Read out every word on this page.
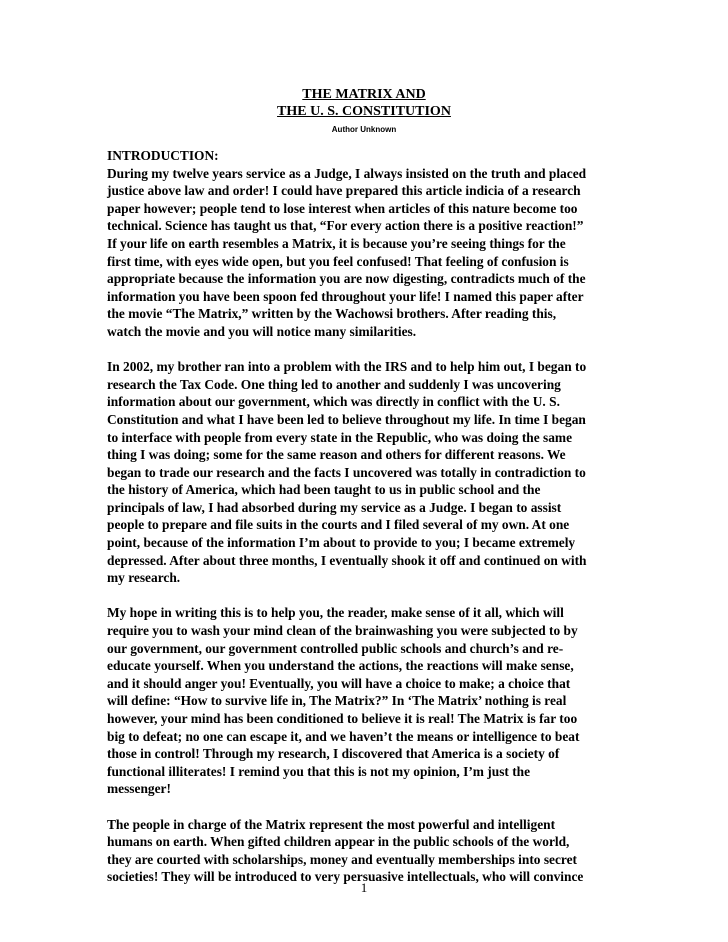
THE MATRIX AND
THE U. S. CONSTITUTION
Author Unknown
INTRODUCTION:
During my twelve years service as a Judge, I always insisted on the truth and placed
justice above law and order! I could have prepared this article indicia of a research
paper however; people tend to lose interest when articles of this nature become too
technical. Science has taught us that, “For every action there is a positive reaction!”
If your life on earth resembles a Matrix, it is because you’re seeing things for the
first time, with eyes wide open, but you feel confused! That feeling of confusion is
appropriate because the information you are now digesting, contradicts much of the
information you have been spoon fed throughout your life! I named this paper after
the movie “The Matrix,” written by the Wachowsi brothers. After reading this,
watch the movie and you will notice many similarities.
In 2002, my brother ran into a problem with the IRS and to help him out, I began to
research the Tax Code. One thing led to another and suddenly I was uncovering
information about our government, which was directly in conflict with the U. S.
Constitution and what I have been led to believe throughout my life. In time I began
to interface with people from every state in the Republic, who was doing the same
thing I was doing; some for the same reason and others for different reasons. We
began to trade our research and the facts I uncovered was totally in contradiction to
the history of America, which had been taught to us in public school and the
principals of law, I had absorbed during my service as a Judge. I began to assist
people to prepare and file suits in the courts and I filed several of my own. At one
point, because of the information I’m about to provide to you; I became extremely
depressed. After about three months, I eventually shook it off and continued on with
my research.
My hope in writing this is to help you, the reader, make sense of it all, which will
require you to wash your mind clean of the brainwashing you were subjected to by
our government, our government controlled public schools and church’s and re-
educate yourself. When you understand the actions, the reactions will make sense,
and it should anger you! Eventually, you will have a choice to make; a choice that
will define: “How to survive life in, The Matrix?” In ‘The Matrix’ nothing is real
however, your mind has been conditioned to believe it is real! The Matrix is far too
big to defeat; no one can escape it, and we haven’t the means or intelligence to beat
those in control! Through my research, I discovered that America is a society of
functional illiterates! I remind you that this is not my opinion, I’m just the
messenger!
The people in charge of the Matrix represent the most powerful and intelligent
humans on earth. When gifted children appear in the public schools of the world,
they are courted with scholarships, money and eventually memberships into secret
societies! They will be introduced to very persuasive intellectuals, who will convince
1
